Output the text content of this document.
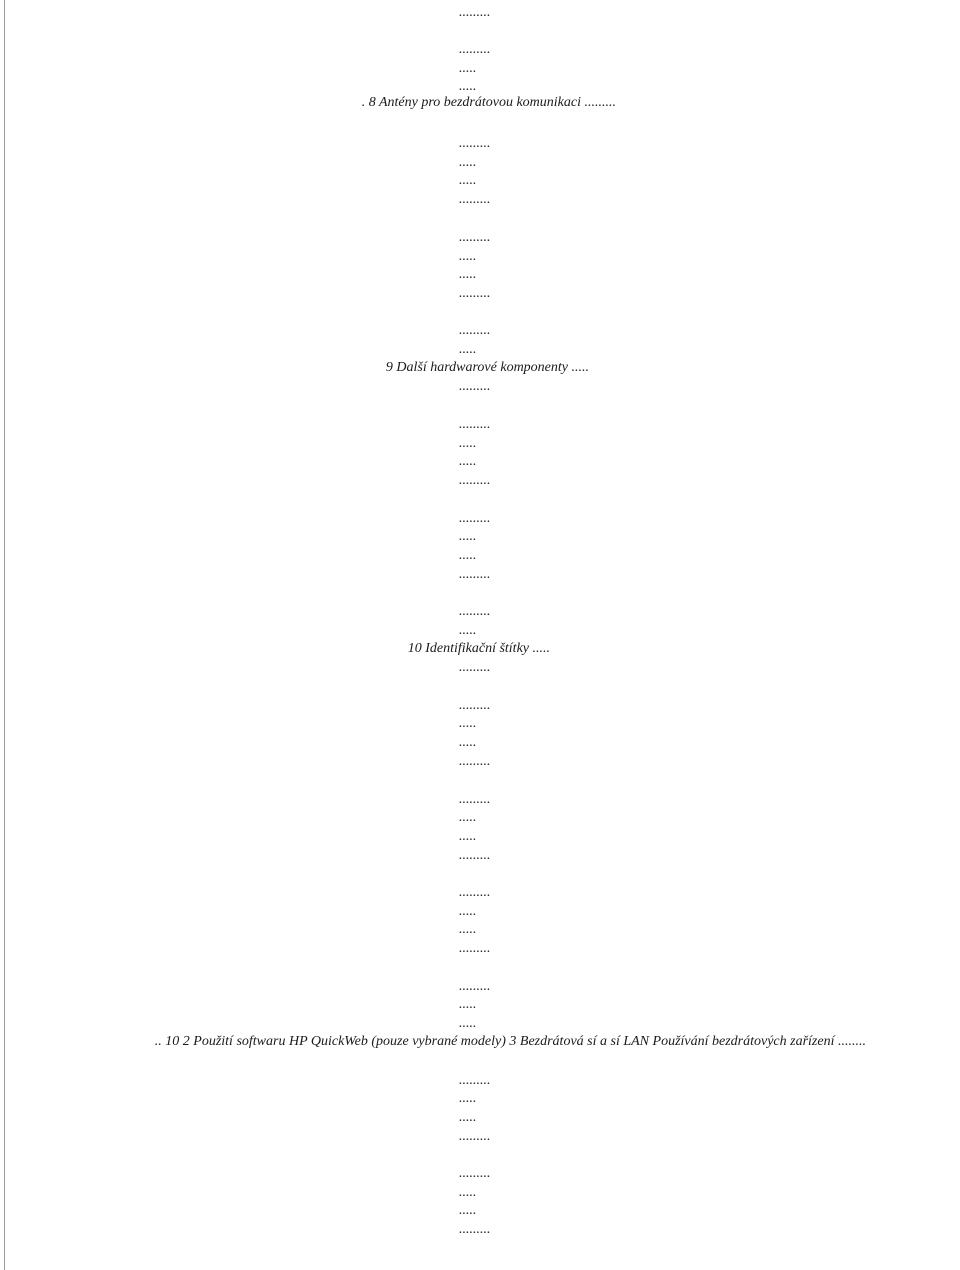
.........
.........
.....
.....
. 8 Antény pro bezdrátovou komunikaci .........
.........
.....
.....
.........
.........
.....
.....
.........
.........
.....
9 Další hardwarové komponenty .....
.........
.........
.....
.....
.........
.........
.....
.....
.........
.........
.....
10 Identifikační štítky .....
.........
.........
.....
.....
.........
.........
.....
.....
.........
.........
.....
.....
.........
.........
.....
.....
.. 10 2 Použití softwaru HP QuickWeb (pouze vybrané modely) 3 Bezdrátová sí a sí LAN Používání bezdrátových zařízení ........
.........
.....
.....
.........
.........
.....
.....
.........
